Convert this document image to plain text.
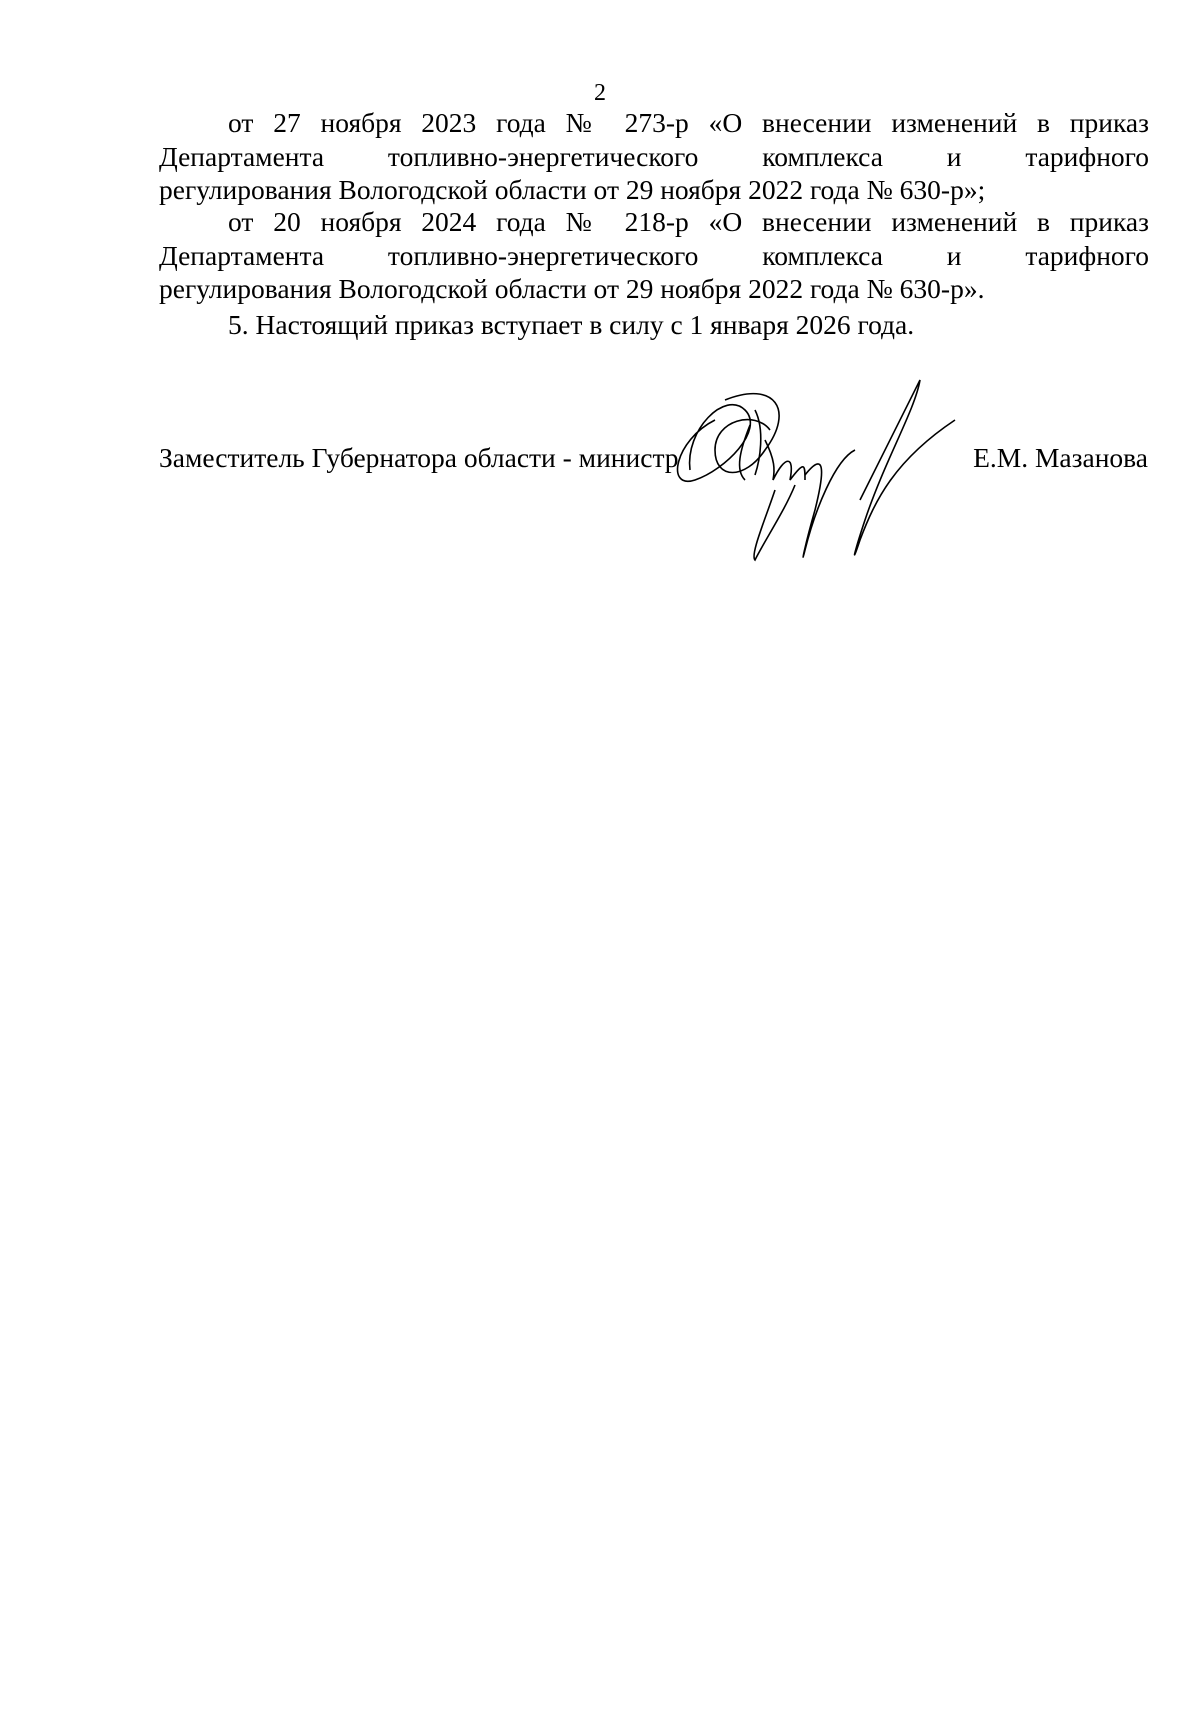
2
от 27 ноября 2023 года № 273-р «О внесении изменений в приказ
Департамента топливно-энергетического комплекса и тарифного
регулирования Вологодской области от 29 ноября 2022 года № 630-р»;
от 20 ноября 2024 года № 218-р «О внесении изменений в приказ
Департамента топливно-энергетического комплекса и тарифного
регулирования Вологодской области от 29 ноября 2022 года № 630-р».
5. Настоящий приказ вступает в силу с 1 января 2026 года.
Заместитель Губернатора области - министр	Е.М. Мазанова
